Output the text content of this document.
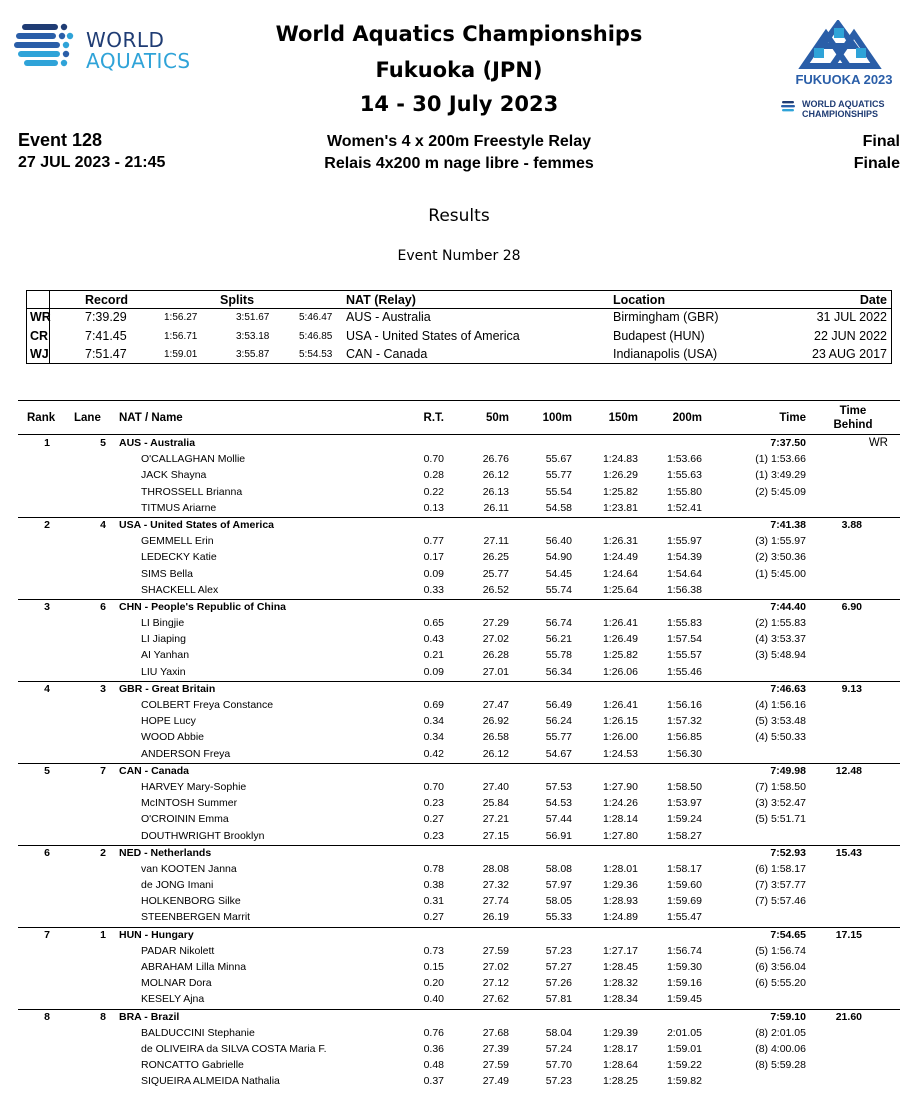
WORLD
AQUATICS
World Aquatics Championships
Fukuoka (JPN)
14 - 30 July 2023
FUKUOKA 2023
WORLD AQUATICS
CHAMPIONSHIPS
Event 128
27 JUL 2023 - 21:45
Women's 4 x 200m Freestyle Relay
Relais 4x200 m nage libre - femmes
Final
Finale
Results
Event Number 28
Record	Splits	NAT (Relay)	Location	Date
WR	7:39.29	1:56.27	3:51.67	5:46.47 AUS - Australia	Birmingham (GBR)	31 JUL 2022
CR	7:41.45	1:56.71	3:53.18	5:46.85 USA - United States of America	Budapest (HUN)	22 JUN 2022
WJ	7:51.47	1:59.01	3:55.87	5:54.53 CAN - Canada	Indianapolis (USA)	23 AUG 2017
Rank Lane NAT / Name	R.T.	50m	100m	150m	200m	Time
Time
Behind
1	5 AUS - Australia	7:37.50	WR
O'CALLAGHAN Mollie	0.70	26.76	55.67	1:24.83	1:53.66	(1) 1:53.66
JACK Shayna	0.28	26.12	55.77	1:26.29	1:55.63	(1) 3:49.29
THROSSELL Brianna	0.22	26.13	55.54	1:25.82	1:55.80	(2) 5:45.09
TITMUS Ariarne	0.13	26.11	54.58	1:23.81	1:52.41
2	4 USA - United States of America	7:41.38	3.88
GEMMELL Erin	0.77	27.11	56.40	1:26.31	1:55.97	(3) 1:55.97
LEDECKY Katie	0.17	26.25	54.90	1:24.49	1:54.39	(2) 3:50.36
SIMS Bella	0.09	25.77	54.45	1:24.64	1:54.64	(1) 5:45.00
SHACKELL Alex	0.33	26.52	55.74	1:25.64	1:56.38
3	6 CHN - People's Republic of China	7:44.40	6.90
LI Bingjie	0.65	27.29	56.74	1:26.41	1:55.83	(2) 1:55.83
LI Jiaping	0.43	27.02	56.21	1:26.49	1:57.54	(4) 3:53.37
AI Yanhan	0.21	26.28	55.78	1:25.82	1:55.57	(3) 5:48.94
LIU Yaxin	0.09	27.01	56.34	1:26.06	1:55.46
4	3 GBR - Great Britain	7:46.63	9.13
COLBERT Freya Constance	0.69	27.47	56.49	1:26.41	1:56.16	(4) 1:56.16
HOPE Lucy	0.34	26.92	56.24	1:26.15	1:57.32	(5) 3:53.48
WOOD Abbie	0.34	26.58	55.77	1:26.00	1:56.85	(4) 5:50.33
ANDERSON Freya	0.42	26.12	54.67	1:24.53	1:56.30
5	7 CAN - Canada	7:49.98	12.48
HARVEY Mary-Sophie	0.70	27.40	57.53	1:27.90	1:58.50	(7) 1:58.50
McINTOSH Summer	0.23	25.84	54.53	1:24.26	1:53.97	(3) 3:52.47
O'CROININ Emma	0.27	27.21	57.44	1:28.14	1:59.24	(5) 5:51.71
DOUTHWRIGHT Brooklyn	0.23	27.15	56.91	1:27.80	1:58.27
6	2 NED - Netherlands	7:52.93	15.43
van KOOTEN Janna	0.78	28.08	58.08	1:28.01	1:58.17	(6) 1:58.17
de JONG Imani	0.38	27.32	57.97	1:29.36	1:59.60	(7) 3:57.77
HOLKENBORG Silke	0.31	27.74	58.05	1:28.93	1:59.69	(7) 5:57.46
STEENBERGEN Marrit	0.27	26.19	55.33	1:24.89	1:55.47
7	1 HUN - Hungary	7:54.65	17.15
PADAR Nikolett	0.73	27.59	57.23	1:27.17	1:56.74	(5) 1:56.74
ABRAHAM Lilla Minna	0.15	27.02	57.27	1:28.45	1:59.30	(6) 3:56.04
MOLNAR Dora	0.20	27.12	57.26	1:28.32	1:59.16	(6) 5:55.20
KESELY Ajna	0.40	27.62	57.81	1:28.34	1:59.45
8	8 BRA - Brazil	7:59.10	21.60
BALDUCCINI Stephanie	0.76	27.68	58.04	1:29.39	2:01.05	(8) 2:01.05
de OLIVEIRA da SILVA COSTA Maria F.	0.36	27.39	57.24	1:28.17	1:59.01	(8) 4:00.06
RONCATTO Gabrielle	0.48	27.59	57.70	1:28.64	1:59.22	(8) 5:59.28
SIQUEIRA ALMEIDA Nathalia	0.37	27.49	57.23	1:28.25	1:59.82
